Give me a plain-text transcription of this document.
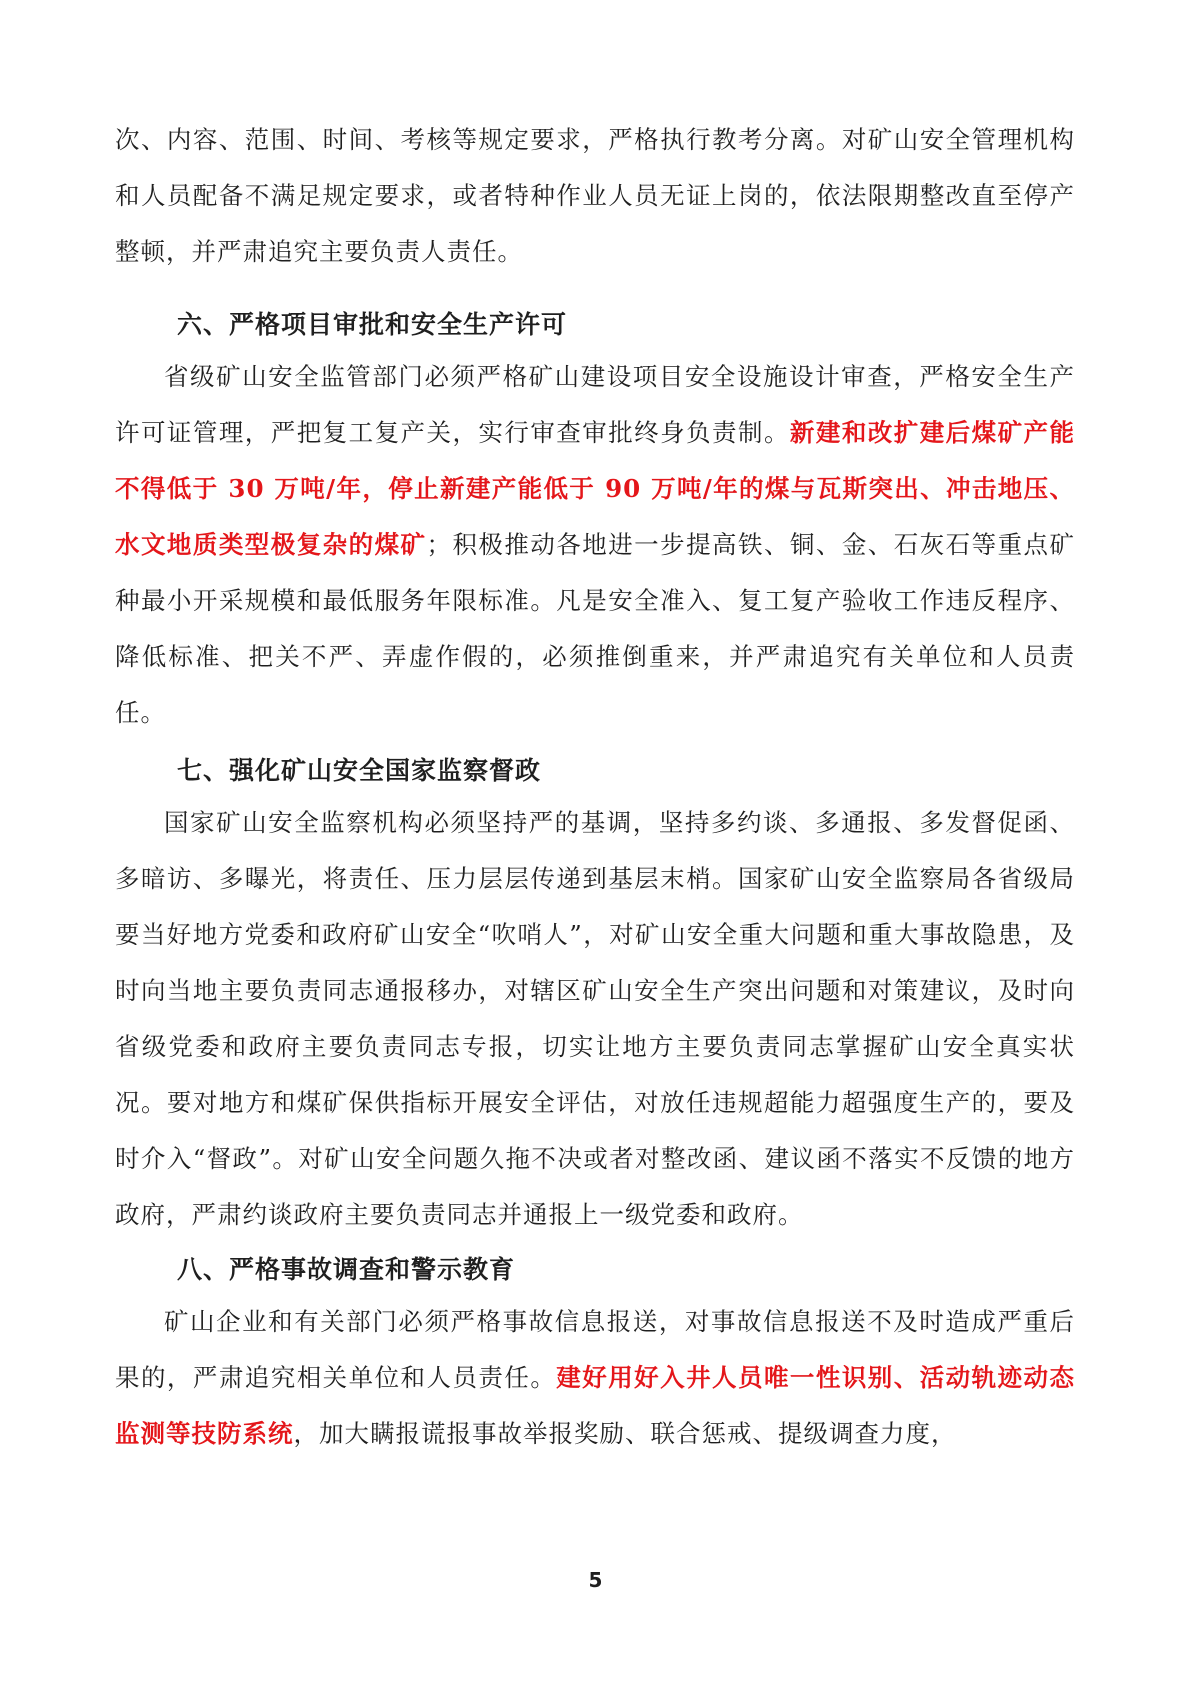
次、内容、范围、时间、考核等规定要求，严格执行教考分离。对矿山安全管理机构和人员配备不满足规定要求，或者特种作业人员无证上岗的，依法限期整改直至停产整顿，并严肃追究主要负责人责任。
六、严格项目审批和安全生产许可
省级矿山安全监管部门必须严格矿山建设项目安全设施设计审查，严格安全生产许可证管理，严把复工复产关，实行审查审批终身负责制。新建和改扩建后煤矿产能不得低于 30 万吨/年，停止新建产能低于 90 万吨/年的煤与瓦斯突出、冲击地压、水文地质类型极复杂的煤矿；积极推动各地进一步提高铁、铜、金、石灰石等重点矿种最小开采规模和最低服务年限标准。凡是安全准入、复工复产验收工作违反程序、降低标准、把关不严、弄虚作假的，必须推倒重来，并严肃追究有关单位和人员责任。
七、强化矿山安全国家监察督政
国家矿山安全监察机构必须坚持严的基调，坚持多约谈、多通报、多发督促函、多暗访、多曝光，将责任、压力层层传递到基层末梢。国家矿山安全监察局各省级局要当好地方党委和政府矿山安全“吹哨人”，对矿山安全重大问题和重大事故隐患，及时向当地主要负责同志通报移办，对辖区矿山安全生产突出问题和对策建议，及时向省级党委和政府主要负责同志专报，切实让地方主要负责同志掌握矿山安全真实状况。要对地方和煤矿保供指标开展安全评估，对放任违规超能力超强度生产的，要及时介入“督政”。对矿山安全问题久拖不决或者对整改函、建议函不落实不反馈的地方政府，严肃约谈政府主要负责同志并通报上一级党委和政府。
八、严格事故调查和警示教育
矿山企业和有关部门必须严格事故信息报送，对事故信息报送不及时造成严重后果的，严肃追究相关单位和人员责任。建好用好入井人员唯一性识别、活动轨迹动态监测等技防系统，加大瞒报谎报事故举报奖励、联合惩戒、提级调查力度，
5
